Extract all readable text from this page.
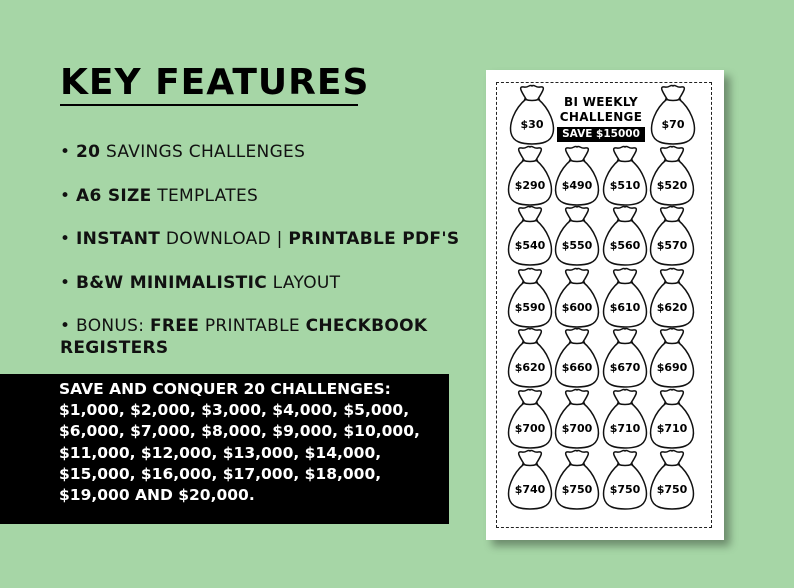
KEY FEATURES
• 20 SAVINGS CHALLENGES
• A6 SIZE TEMPLATES
• INSTANT DOWNLOAD | PRINTABLE PDF'S
• B&W MINIMALISTIC LAYOUT
• BONUS: FREE PRINTABLE CHECKBOOK REGISTERS
SAVE AND CONQUER 20 CHALLENGES: $1,000, $2,000, $3,000, $4,000, $5,000, $6,000, $7,000, $8,000, $9,000, $10,000, $11,000, $12,000, $13,000, $14,000, $15,000, $16,000, $17,000, $18,000, $19,000 AND $20,000.
$30	$70
$290 $490 $510 $520
$540 $550 $560 $570
$590 $600 $610 $620
$620 $660 $670 $690
$700 $700 $710 $710
$740 $750 $750 $750
BI WEEKLY
CHALLENGE
SAVE $15000
